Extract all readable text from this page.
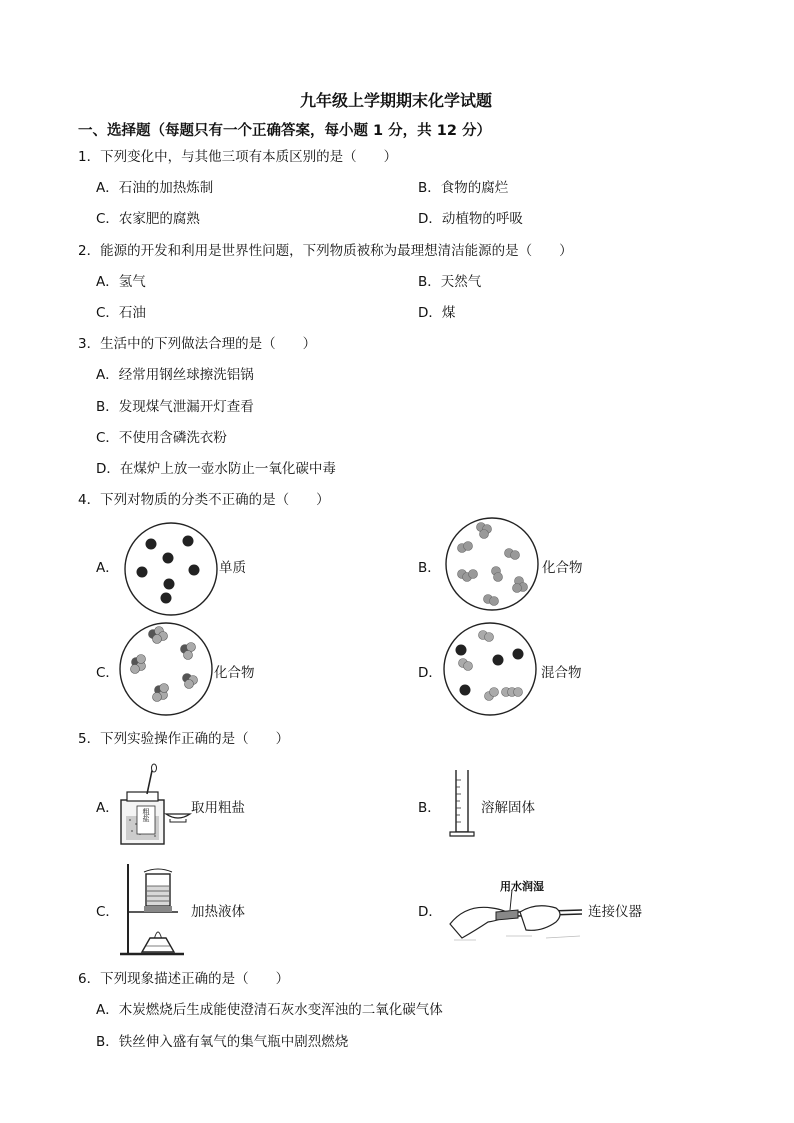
九年级上学期期末化学试题
一、选择题（每题只有一个正确答案，每小题 1 分，共 12 分）
1．下列变化中，与其他三项有本质区别的是（　　）
A．石油的加热炼制	B．食物的腐烂
C．农家肥的腐熟	D．动植物的呼吸
2．能源的开发和利用是世界性问题，下列物质被称为最理想清洁能源的是（　　）
A．氢气	B．天然气
C．石油	D．煤
3．生活中的下列做法合理的是（　　）
A．经常用钢丝球擦洗铝锅
B．发现煤气泄漏开灯查看
C．不使用含磷洗衣粉
D．在煤炉上放一壶水防止一氧化碳中毒
4．下列对物质的分类不正确的是（　　）
A．	单质	B．	化合物
C．	化合物	D．	混合物
5．下列实验操作正确的是（　　）
A．	粗盐	取用粗盐	B．	溶解固体
C．	加热液体	D．
用水润湿
连接仪器
6．下列现象描述正确的是（　　）
A．木炭燃烧后生成能使澄清石灰水变浑浊的二氧化碳气体
B．铁丝伸入盛有氧气的集气瓶中剧烈燃烧
